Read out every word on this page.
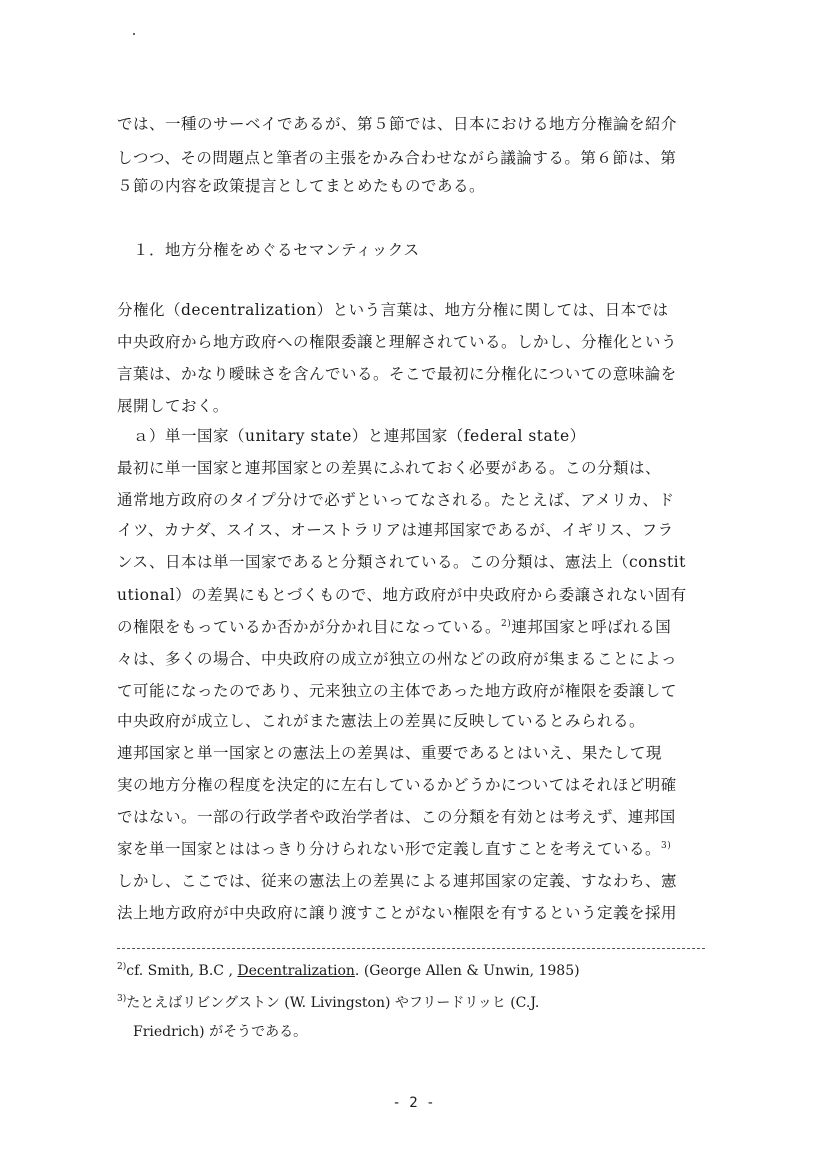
では、一種のサーベイであるが、第５節では、日本における地方分権論を紹介
しつつ、その問題点と筆者の主張をかみ合わせながら議論する。第６節は、第
５節の内容を政策提言としてまとめたものである。
１．地方分権をめぐるセマンティックス
分権化（decentralization）という言葉は、地方分権に関しては、日本では
中央政府から地方政府への権限委譲と理解されている。しかし、分権化という
言葉は、かなり曖昧さを含んでいる。そこで最初に分権化についての意味論を
展開しておく。
ａ）単一国家（unitary state）と連邦国家（federal state）
最初に単一国家と連邦国家との差異にふれておく必要がある。この分類は、
通常地方政府のタイプ分けで必ずといってなされる。たとえば、アメリカ、ド
イツ、カナダ、スイス、オーストラリアは連邦国家であるが、イギリス、フラ
ンス、日本は単一国家であると分類されている。この分類は、憲法上（constit
utional）の差異にもとづくもので、地方政府が中央政府から委譲されない固有
の権限をもっているか否かが分かれ目になっている。$^{2)}$連邦国家と呼ばれる国
々は、多くの場合、中央政府の成立が独立の州などの政府が集まることによっ
て可能になったのであり、元来独立の主体であった地方政府が権限を委譲して
中央政府が成立し、これがまた憲法上の差異に反映しているとみられる。
連邦国家と単一国家との憲法上の差異は、重要であるとはいえ、果たして現
実の地方分権の程度を決定的に左右しているかどうかについてはそれほど明確
ではない。一部の行政学者や政治学者は、この分類を有効とは考えず、連邦国
家を単一国家とははっきり分けられない形で定義し直すことを考えている。$^{3)}$
しかし、ここでは、従来の憲法上の差異による連邦国家の定義、すなわち、憲
法上地方政府が中央政府に譲り渡すことがない権限を有するという定義を採用
$^{2)}$cf. Smith, B.C , Decentralization. (George Allen & Unwin, 1985)
$^{3)}$たとえばリビングストン (W. Livingston) やフリードリッヒ (C.J.
Friedrich) がそうである。
- 2 -
